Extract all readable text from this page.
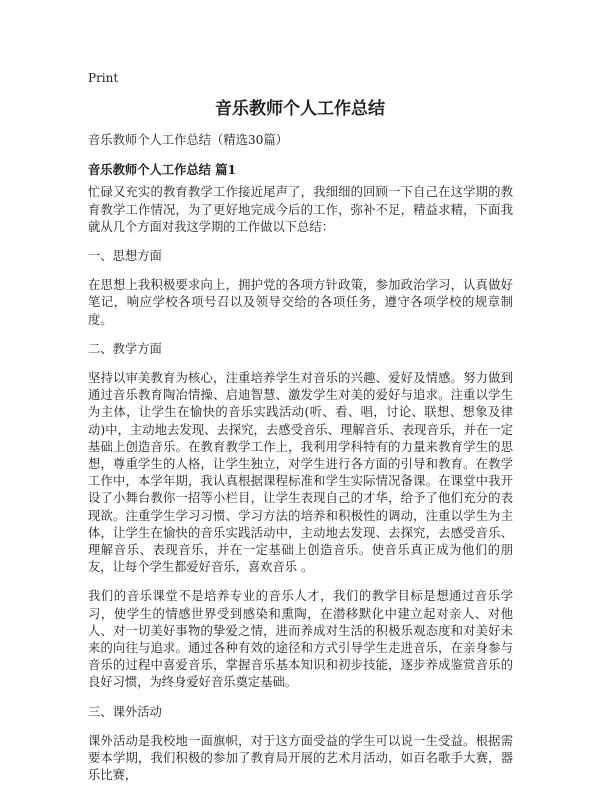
Print
音乐教师个人工作总结

音乐教师个人工作总结（精选30篇）

音乐教师个人工作总结 篇1

忙碌又充实的教育教学工作接近尾声了，我细细的回顾一下自己在这学期的教育教学工作情况，为了更好地完成今后的工作，弥补不足，精益求精，下面我就从几个方面对我这学期的工作做以下总结：

一、思想方面

在思想上我积极要求向上，拥护党的各项方针政策，参加政治学习，认真做好笔记，响应学校各项号召以及领导交给的各项任务，遵守各项学校的规章制度。

二、教学方面

坚持以审美教育为核心，注重培养学生对音乐的兴趣、爱好及情感。努力做到通过音乐教育陶冶情操、启迪智慧、激发学生对美的爱好与追求。注重以学生为主体，让学生在愉快的音乐实践活动(听、看、唱，讨论、联想、想象及律动)中，主动地去发现、去探究，去感受音乐、理解音乐、表现音乐，并在一定基础上创造音乐。在教育教学工作上，我利用学科特有的力量来教育学生的思想，尊重学生的人格，让学生独立，对学生进行各方面的引导和教育。在教学工作中，本学年期，我认真根据课程标准和学生实际情况备课。在课堂中我开设了小舞台教你一招等小栏目，让学生表现自己的才华，给予了他们充分的表现欲。注重学生学习习惯、学习方法的培养和积极性的调动，注重以学生为主体，让学生在愉快的音乐实践活动中，主动地去发现、去探究，去感受音乐、理解音乐、表现音乐，并在一定基础上创造音乐。使音乐真正成为他们的朋友，让每个学生都爱好音乐，喜欢音乐 。

我们的音乐课堂不是培养专业的音乐人才，我们的教学目标是想通过音乐学习，使学生的情感世界受到感染和熏陶，在潜移默化中建立起对亲人、对他人、对一切美好事物的挚爱之情，进而养成对生活的积极乐观态度和对美好未来的向往与追求。通过各种有效的途径和方式引导学生走进音乐，在亲身参与音乐的过程中喜爱音乐，掌握音乐基本知识和初步技能，逐步养成鉴赏音乐的良好习惯，为终身爱好音乐奠定基础。

三、课外活动

课外活动是我校地一面旗帜，对于这方面受益的学生可以说一生受益。根据需要本学期，我们积极的参加了教育局开展的艺术月活动，如百名歌手大赛，器乐比赛，
